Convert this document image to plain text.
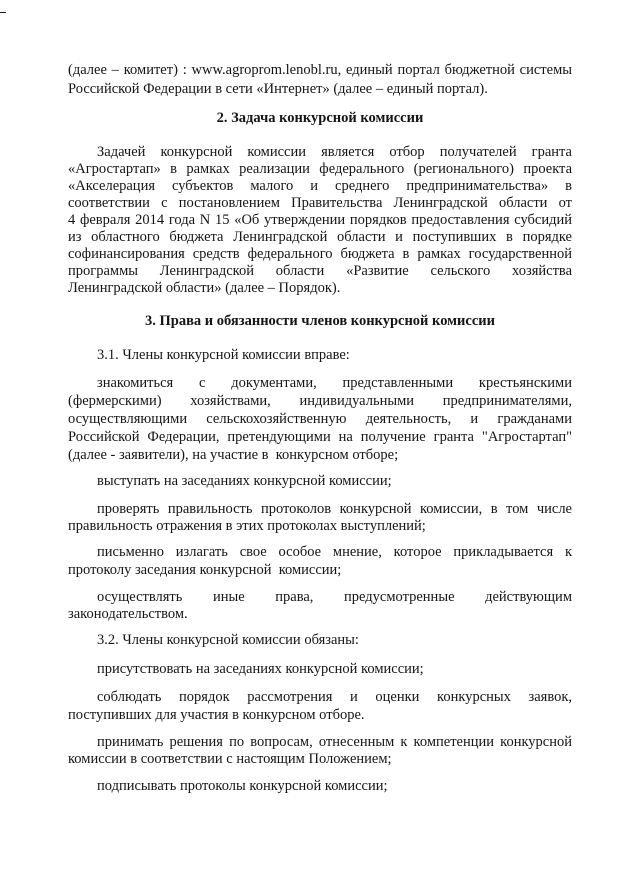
(далее – комитет) : www.agroprom.lenobl.ru, единый портал бюджетной системы
Российской Федерации в сети «Интернет» (далее – единый портал).
2. Задача конкурсной комиссии
Задачей конкурсной комиссии является отбор получателей гранта
«Агростартап» в рамках реализации федерального (регионального) проекта
«Акселерация субъектов малого и среднего предпринимательства» в
соответствии с постановлением Правительства Ленинградской области от
4 февраля 2014 года N 15 «Об утверждении порядков предоставления субсидий
из областного бюджета Ленинградской области и поступивших в порядке
софинансирования средств федерального бюджета в рамках государственной
программы Ленинградской области «Развитие сельского хозяйства
Ленинградской области» (далее – Порядок).
3. Права и обязанности членов конкурсной комиссии
3.1. Члены конкурсной комиссии вправе:
знакомиться с документами, представленными крестьянскими
(фермерскими) хозяйствами, индивидуальными предпринимателями,
осуществляющими сельскохозяйственную деятельность, и гражданами
Российской Федерации, претендующими на получение гранта "Агростартап"
(далее - заявители), на участие в  конкурсном отборе;
выступать на заседаниях конкурсной комиссии;
проверять правильность протоколов конкурсной комиссии, в том числе
правильность отражения в этих протоколах выступлений;
письменно излагать свое особое мнение, которое прикладывается к
протоколу заседания конкурсной  комиссии;
осуществлять иные права, предусмотренные действующим
законодательством.
3.2. Члены конкурсной комиссии обязаны:
присутствовать на заседаниях конкурсной комиссии;
соблюдать порядок рассмотрения и оценки конкурсных заявок,
поступивших для участия в конкурсном отборе.
принимать решения по вопросам, отнесенным к компетенции конкурсной
комиссии в соответствии с настоящим Положением;
подписывать протоколы конкурсной комиссии;
